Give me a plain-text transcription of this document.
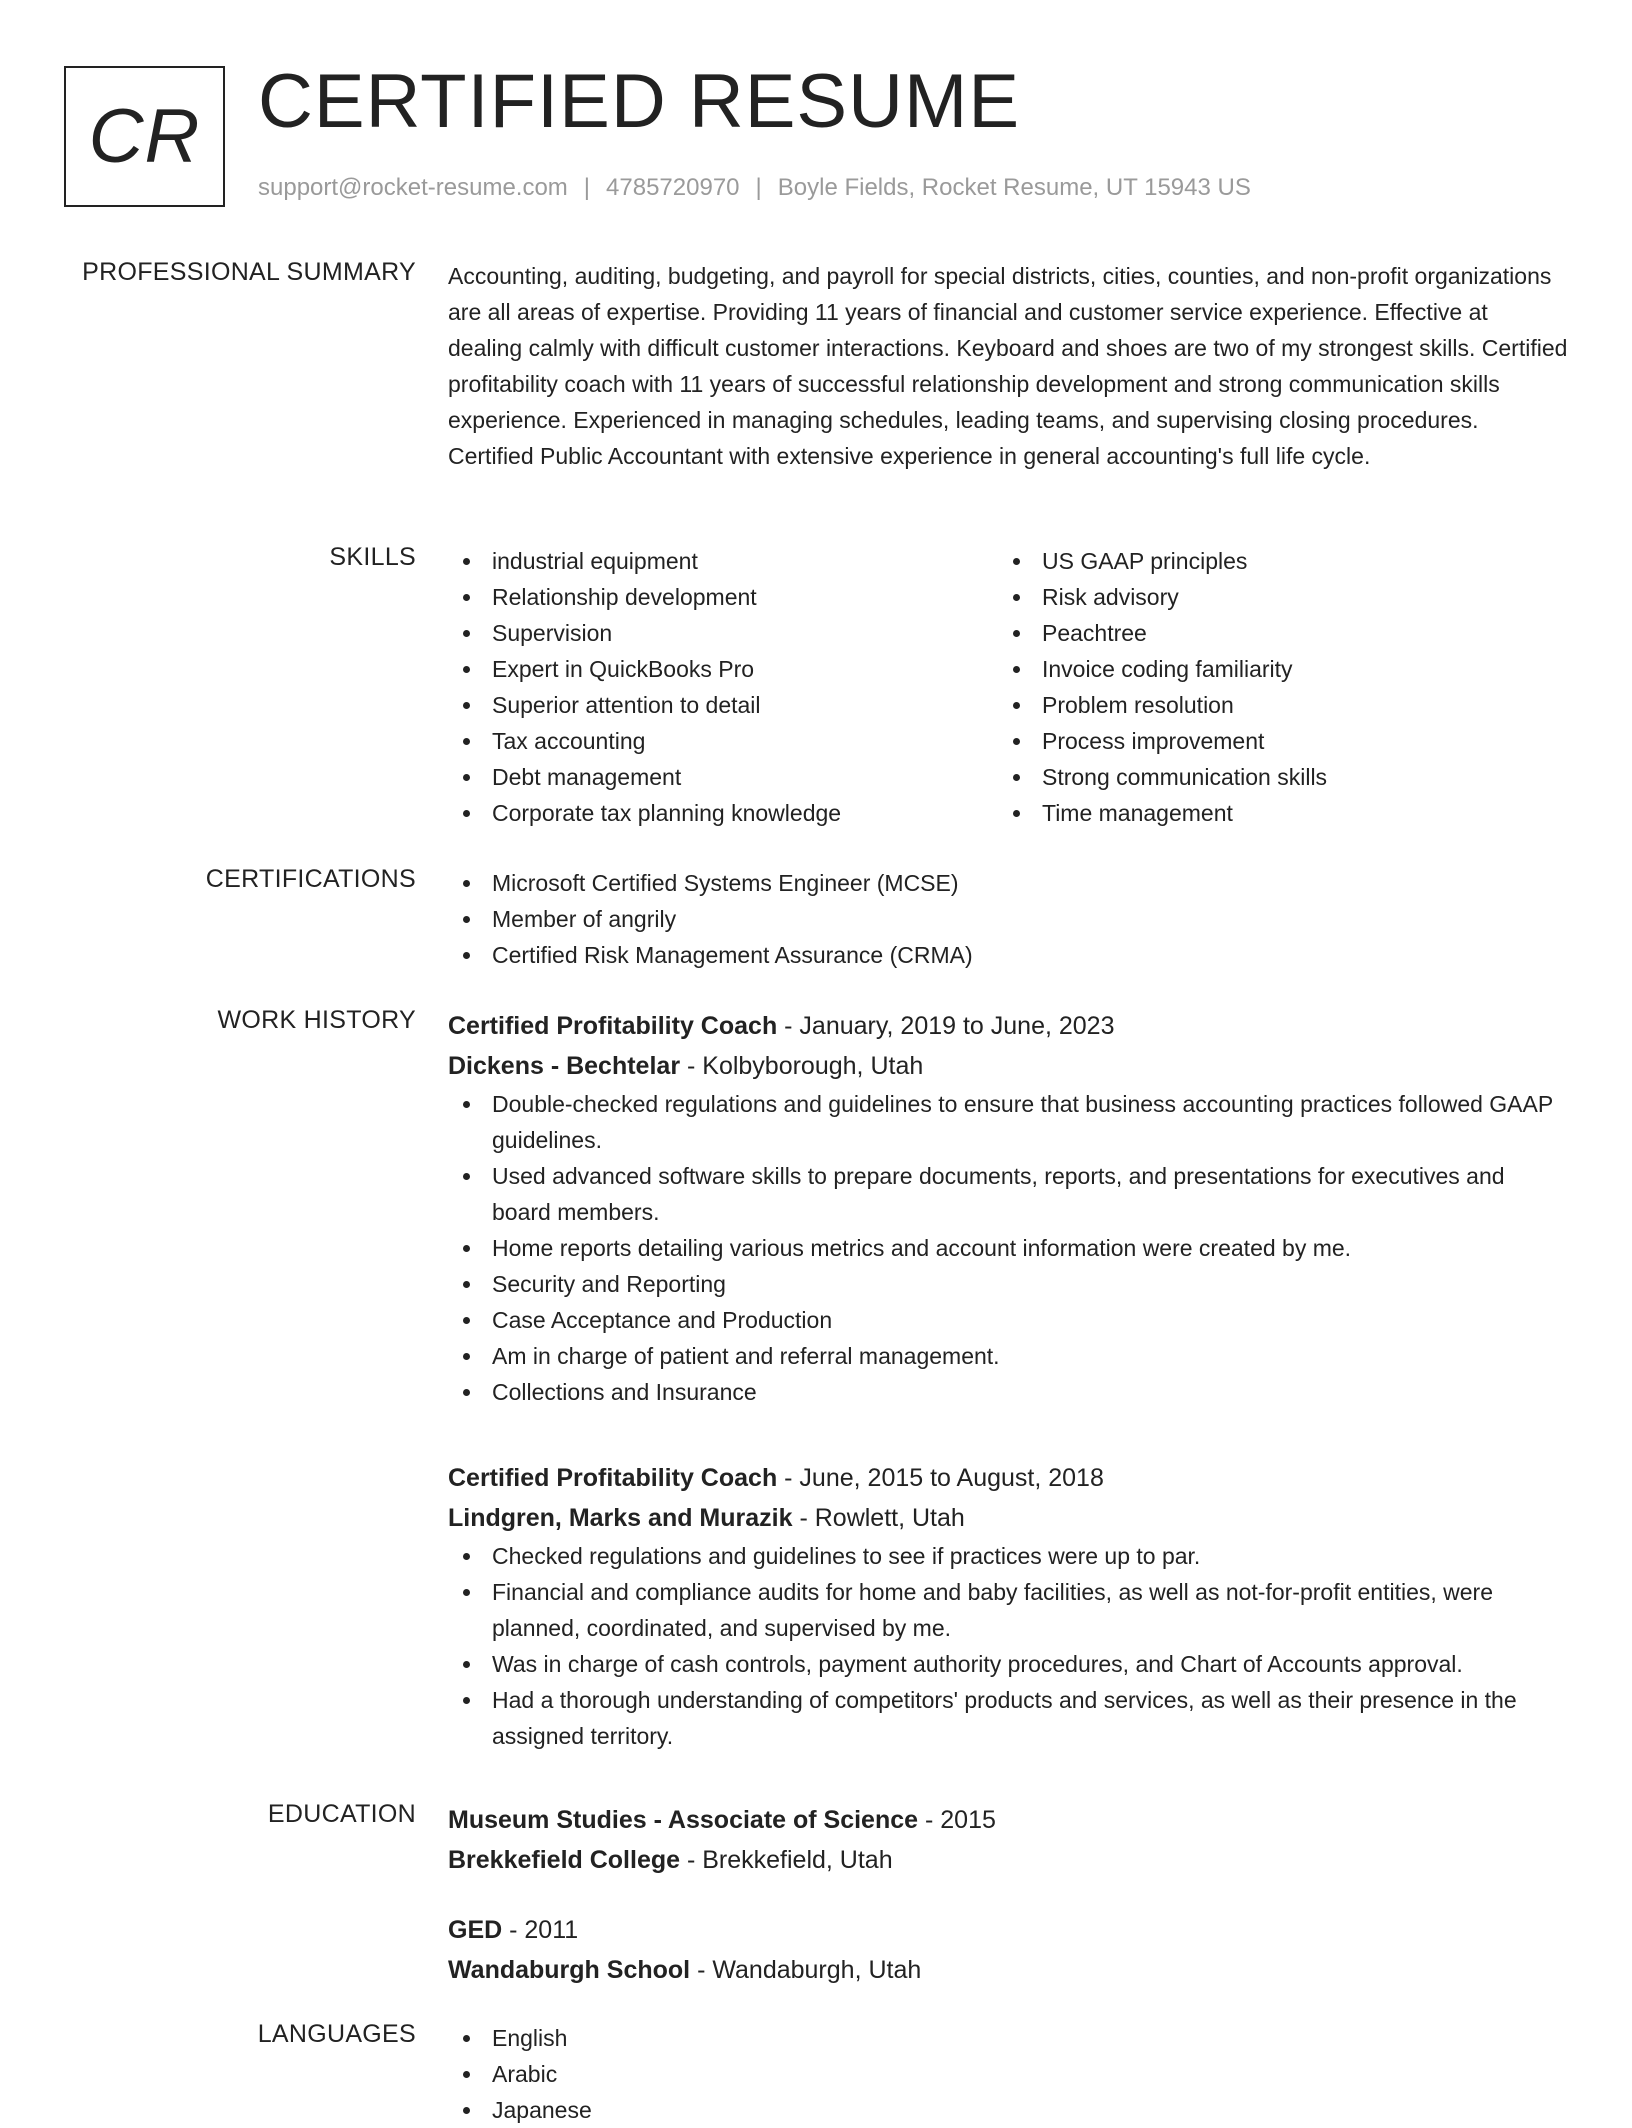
CR CERTIFIED RESUME
support@rocket-resume.com | 4785720970 | Boyle Fields, Rocket Resume, UT 15943 US
PROFESSIONAL SUMMARY Accounting, auditing, budgeting, and payroll for special districts, cities, counties, and non-profit organizations are all areas of expertise. Providing 11 years of financial and customer service experience. Effective at dealing calmly with difficult customer interactions. Keyboard and shoes are two of my strongest skills. Certified profitability coach with 11 years of successful relationship development and strong communication skills experience. Experienced in managing schedules, leading teams, and supervising closing procedures. Certified Public Accountant with extensive experience in general accounting's full life cycle.

SKILLS	industrial equipment
Relationship development
Supervision
Expert in QuickBooks Pro
Superior attention to detail
Tax accounting
Debt management
Corporate tax planning knowledge
US GAAP principles
Risk advisory
Peachtree
Invoice coding familiarity
Problem resolution
Process improvement
Strong communication skills
Time management
CERTIFICATIONS	Microsoft Certified Systems Engineer (MCSE)
Member of angrily
Certified Risk Management Assurance (CRMA)
WORK HISTORY Certified Profitability Coach - January, 2019 to June, 2023
Dickens - Bechtelar - Kolbyborough, Utah
Double-checked regulations and guidelines to ensure that business accounting practices followed GAAP guidelines.
Used advanced software skills to prepare documents, reports, and presentations for executives and board members.
Home reports detailing various metrics and account information were created by me.
Security and Reporting
Case Acceptance and Production
Am in charge of patient and referral management.
Collections and Insurance
Certified Profitability Coach - June, 2015 to August, 2018
Lindgren, Marks and Murazik - Rowlett, Utah
Checked regulations and guidelines to see if practices were up to par.
Financial and compliance audits for home and baby facilities, as well as not-for-profit entities, were planned, coordinated, and supervised by me.
Was in charge of cash controls, payment authority procedures, and Chart of Accounts approval.
Had a thorough understanding of competitors' products and services, as well as their presence in the assigned territory.
EDUCATION Museum Studies - Associate of Science - 2015
Brekkefield College - Brekkefield, Utah
GED - 2011
Wandaburgh School - Wandaburgh, Utah
LANGUAGES	English
Arabic
Japanese
